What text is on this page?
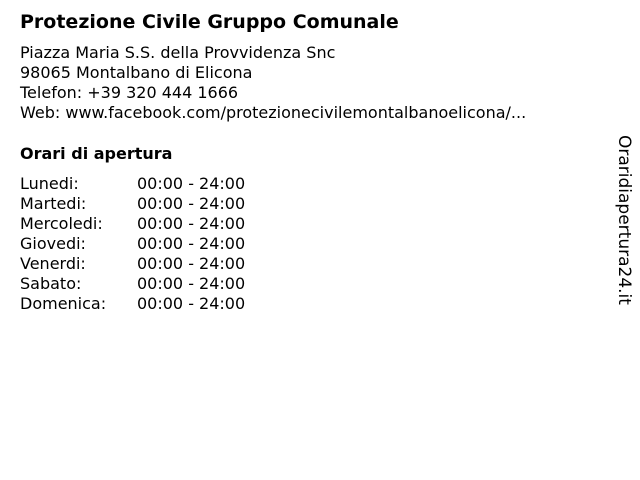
Protezione Civile Gruppo Comunale
Piazza Maria S.S. della Provvidenza Snc
98065 Montalbano di Elicona
Telefon: +39 320 444 1666
Web: www.facebook.com/protezionecivilemontalbanoelicona/...
Orari di apertura
Lunedi:	00:00 - 24:00
Martedi:	00:00 - 24:00
Mercoledi:	00:00 - 24:00
Giovedi:	00:00 - 24:00
Venerdi:	00:00 - 24:00
Sabato:	00:00 - 24:00
Domenica:	00:00 - 24:00	Oraridiapertura24.it
